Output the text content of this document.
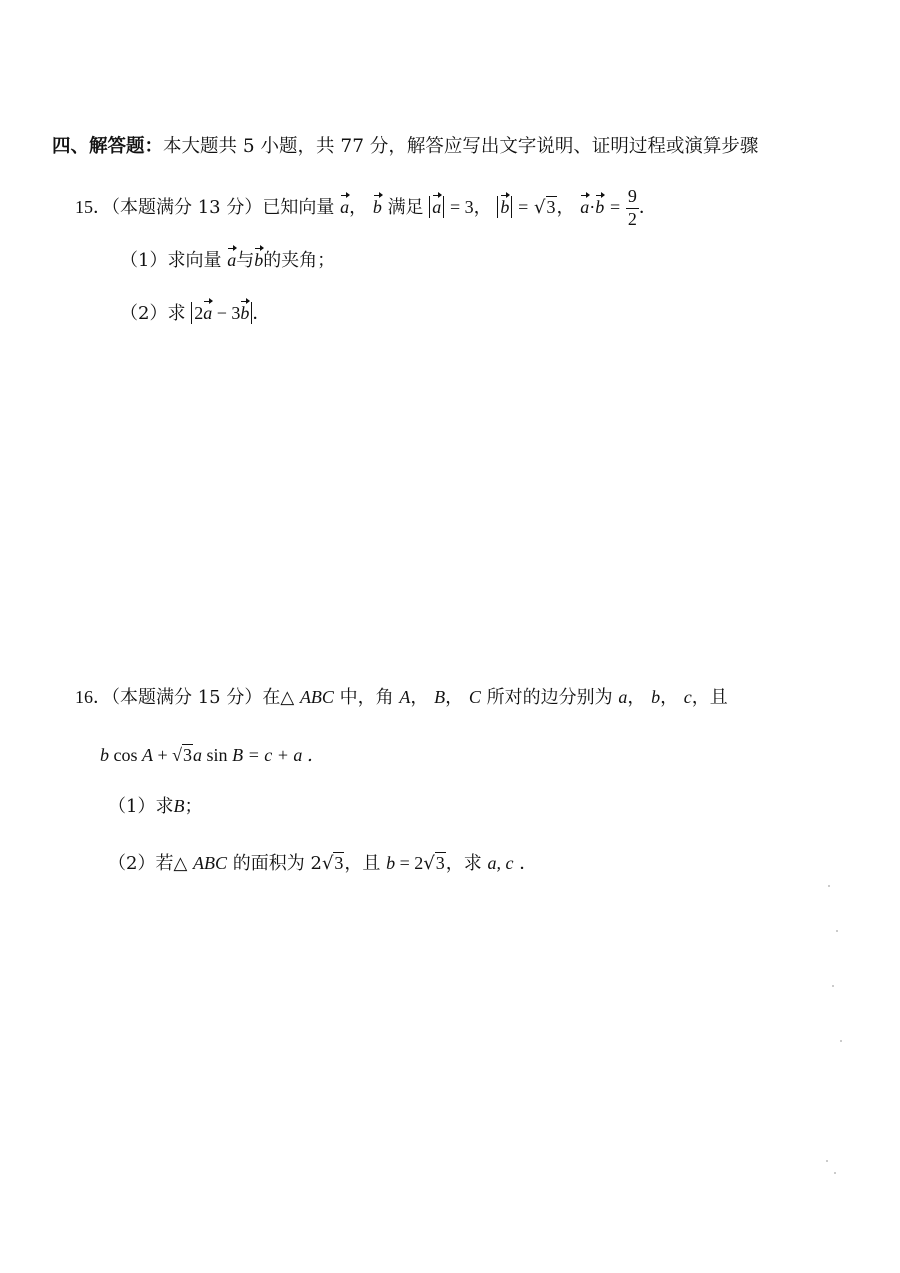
四、解答题：本大题共 5 小题，共 77 分，解答应写出文字说明、证明过程或演算步骤
15．（本题满分 13 分）已知向量 a， b 满足 a = 3， b = √3， $a\cdot b = \frac{9}{2}$ ．
（1）求向量 a与b的夹角；
（2）求 2a − 3b ．
16．（本题满分 15 分）在△ ABC 中，角 A， B， C 所对的边分别为 a， b， c，且
b cos A + √3a sin B = c + a ．
（1）求B；
（2）若△ ABC 的面积为 2√3，且 b = 2√3，求 a, c ．
